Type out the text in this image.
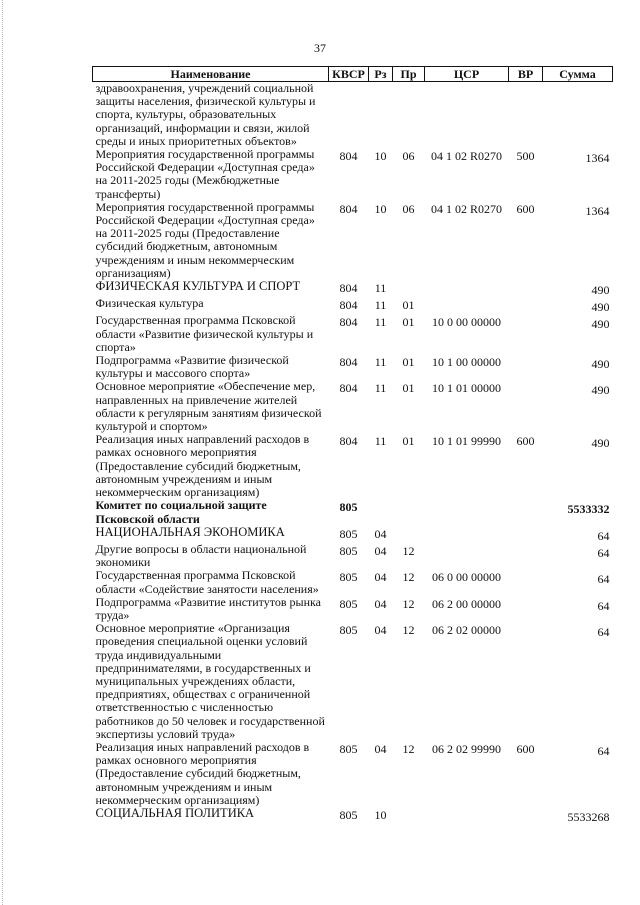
37
Наименование	КВСР	Рз	Пр	ЦСР	ВР	Сумма
здравоохранения, учреждений социальной защиты населения, физической культуры и спорта, культуры, образовательных организаций, информации и связи, жилой среды и иных приоритетных объектов»						
Мероприятия государственной программы Российской Федерации «Доступная среда» на 2011-2025 годы (Межбюджетные трансферты)	804	10	06	04 1 02 R0270	500	1364
Мероприятия государственной программы Российской Федерации «Доступная среда» на 2011-2025 годы (Предоставление субсидий бюджетным, автономным учреждениям и иным некоммерческим организациям)	804	10	06	04 1 02 R0270	600	1364
ФИЗИЧЕСКАЯ КУЛЬТУРА И СПОРТ	804	11				490
Физическая культура	804	11	01			490
Государственная программа Псковской области «Развитие физической культуры и спорта»	804	11	01	10 0 00 00000		490
Подпрограмма «Развитие физической культуры и массового спорта»	804	11	01	10 1 00 00000		490
Основное мероприятие «Обеспечение мер, направленных на привлечение жителей области к регулярным занятиям физической культурой и спортом»	804	11	01	10 1 01 00000		490
Реализация иных направлений расходов в рамках основного мероприятия (Предоставление субсидий бюджетным, автономным учреждениям и иным некоммерческим организациям)	804	11	01	10 1 01 99990	600	490
Комитет по социальной защите Псковской области	805					5533332
НАЦИОНАЛЬНАЯ ЭКОНОМИКА	805	04				64
Другие вопросы в области национальной экономики	805	04	12			64
Государственная программа Псковской области «Содействие занятости населения»	805	04	12	06 0 00 00000		64
Подпрограмма «Развитие институтов рынка труда»	805	04	12	06 2 00 00000		64
Основное мероприятие «Организация проведения специальной оценки условий труда индивидуальными предпринимателями, в государственных и муниципальных учреждениях области, предприятиях, обществах с ограниченной ответственностью с численностью работников до 50 человек и государственной экспертизы условий труда»	805	04	12	06 2 02 00000		64
Реализация иных направлений расходов в рамках основного мероприятия (Предоставление субсидий бюджетным, автономным учреждениям и иным некоммерческим организациям)	805	04	12	06 2 02 99990	600	64
СОЦИАЛЬНАЯ ПОЛИТИКА	805	10				5533268
